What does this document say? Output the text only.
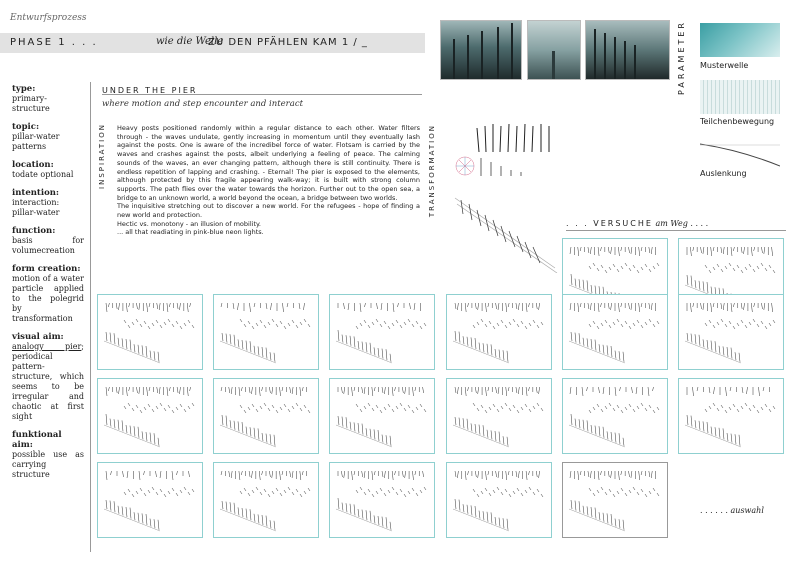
Entwurfsprozess
PHASE 1 . . .	wie die Welle
ZU DEN PFÄHLEN KAM 1 / _	PARAMETER	Musterwelle
Teilchenbewegung
Auslenkung
type:
primary-structure
topic:
pillar-water patterns
location:
todate optional
intention:
interaction: pillar-water
function:
basis for volumecreation
form creation:
motion of a water particle applied to the polegrid by transformation
visual aim:
analogy pier; periodical pattern-structure, which seems to be irregular and chaotic at first sight
funktional aim:
possible use as carrying structure
UNDER THE PIER
where motion and step encounter and interact
INSPIRATION	Heavy posts positioned randomly within a regular distance to each other. Water filters through - the waves undulate, gently increasing in momentum until they eventually lash against the posts. One is aware of the incredibel force of water. Flotsam is carried by the waves and crashes against the posts, albeit underlying a feeling of peace. The calming sounds of the waves, an ever changing pattern, although there is still continuity. There is endless repetition of lapping and crashing. - Eternal! The pier is exposed to the elements, although protected by this fragile appearing walk-way; it is built with strong column supports. The path flies over the water towards the horizon. Further out to the open sea, a bridge to an unknown world, a world beyond the ocean, a bridge between two worlds.

The inquisitive stretching out to discover a new world. For the refugees - hope of finding a new world and protection.

Hectic vs. monotony - an illusion of mobility.

... all that readiating in pink-blue neon lights.

TRANSFORMATION
. . . VERSUCHE am Weg . . . .
. . . . . . auswahl
